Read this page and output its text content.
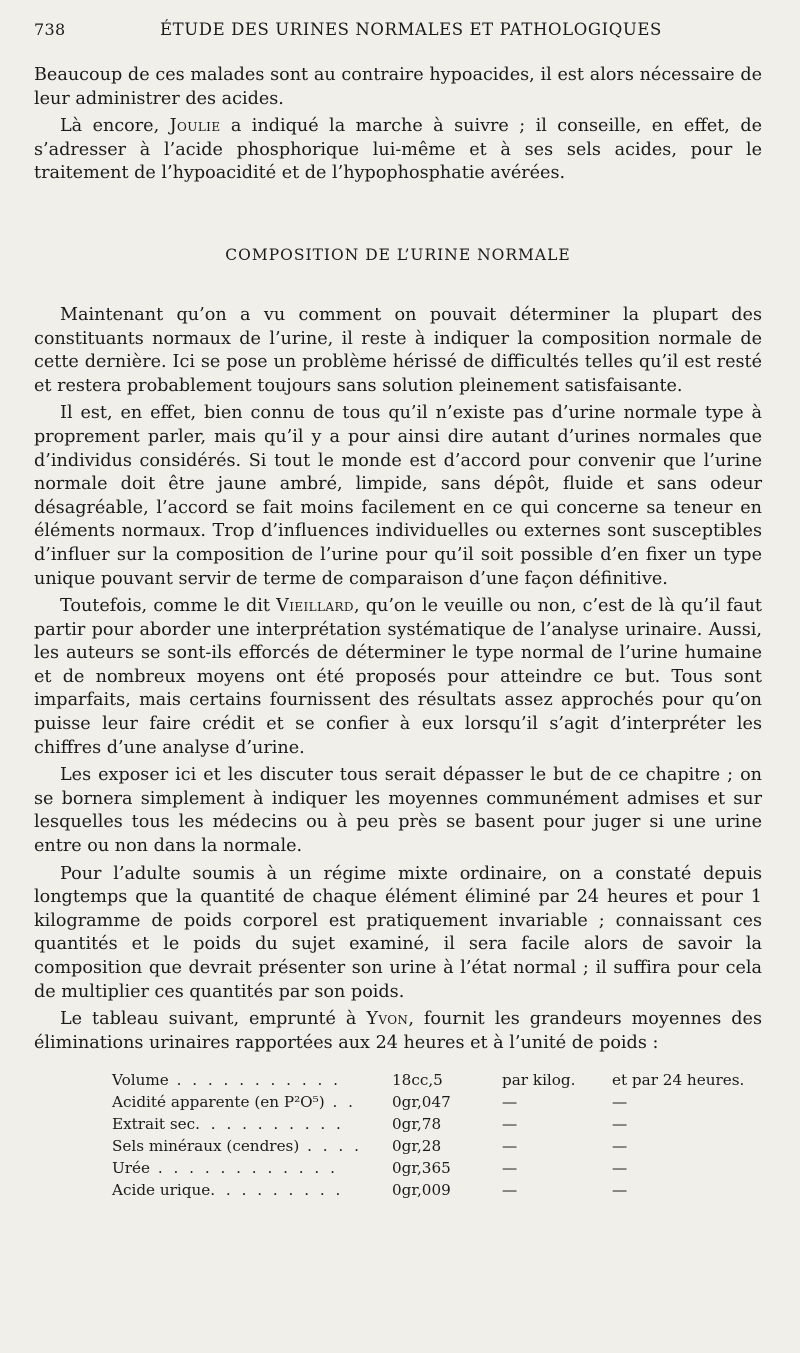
738	ÉTUDE DES URINES NORMALES ET PATHOLOGIQUES

Beaucoup de ces malades sont au contraire hypoacides, il est alors nécessaire de leur administrer des acides.

Là encore, Joulie a indiqué la marche à suivre ; il conseille, en effet, de s’adresser à l’acide phosphorique lui-même et à ses sels acides, pour le traitement de l’hypoacidité et de l’hypophosphatie avérées.

COMPOSITION DE L’URINE NORMALE

Maintenant qu’on a vu comment on pouvait déterminer la plupart des constituants normaux de l’urine, il reste à indiquer la composition normale de cette dernière. Ici se pose un problème hérissé de difficultés telles qu’il est resté et restera probablement toujours sans solution pleinement satisfaisante.

Il est, en effet, bien connu de tous qu’il n’existe pas d’urine normale type à proprement parler, mais qu’il y a pour ainsi dire autant d’urines normales que d’individus considérés. Si tout le monde est d’accord pour convenir que l’urine normale doit être jaune ambré, limpide, sans dépôt, fluide et sans odeur désagréable, l’accord se fait moins facilement en ce qui concerne sa teneur en éléments normaux. Trop d’influences individuelles ou externes sont susceptibles d’influer sur la composition de l’urine pour qu’il soit possible d’en fixer un type unique pouvant servir de terme de comparaison d’une façon définitive.

Toutefois, comme le dit Vieillard, qu’on le veuille ou non, c’est de là qu’il faut partir pour aborder une interprétation systématique de l’analyse urinaire. Aussi, les auteurs se sont-ils efforcés de déterminer le type normal de l’urine humaine et de nombreux moyens ont été proposés pour atteindre ce but. Tous sont imparfaits, mais certains fournissent des résultats assez approchés pour qu’on puisse leur faire crédit et se confier à eux lorsqu’il s’agit d’interpréter les chiffres d’une analyse d’urine.

Les exposer ici et les discuter tous serait dépasser le but de ce chapitre ; on se bornera simplement à indiquer les moyennes communément admises et sur lesquelles tous les médecins ou à peu près se basent pour juger si une urine entre ou non dans la normale.

Pour l’adulte soumis à un régime mixte ordinaire, on a constaté depuis longtemps que la quantité de chaque élément éliminé par 24 heures et pour 1 kilogramme de poids corporel est pratiquement invariable ; connaissant ces quantités et le poids du sujet examiné, il sera facile alors de savoir la composition que devrait présenter son urine à l’état normal ; il suffira pour cela de multiplier ces quantités par son poids.

Le tableau suivant, emprunté à Yvon, fournit les grandeurs moyennes des éliminations urinaires rapportées aux 24 heures et à l’unité de poids :

Volume . . . . . . . . . . .	18cc,5	par kilog.	et par 24 heures.
Acidité apparente (en P²O⁵) . .	0gr,047	—	—
Extrait sec. . . . . . . . . .	0gr,78	—	—
Sels minéraux (cendres) . . . .	0gr,28	—	—
Urée . . . . . . . . . . . .	0gr,365	—	—
Acide urique. . . . . . . . .	0gr,009	—	—
